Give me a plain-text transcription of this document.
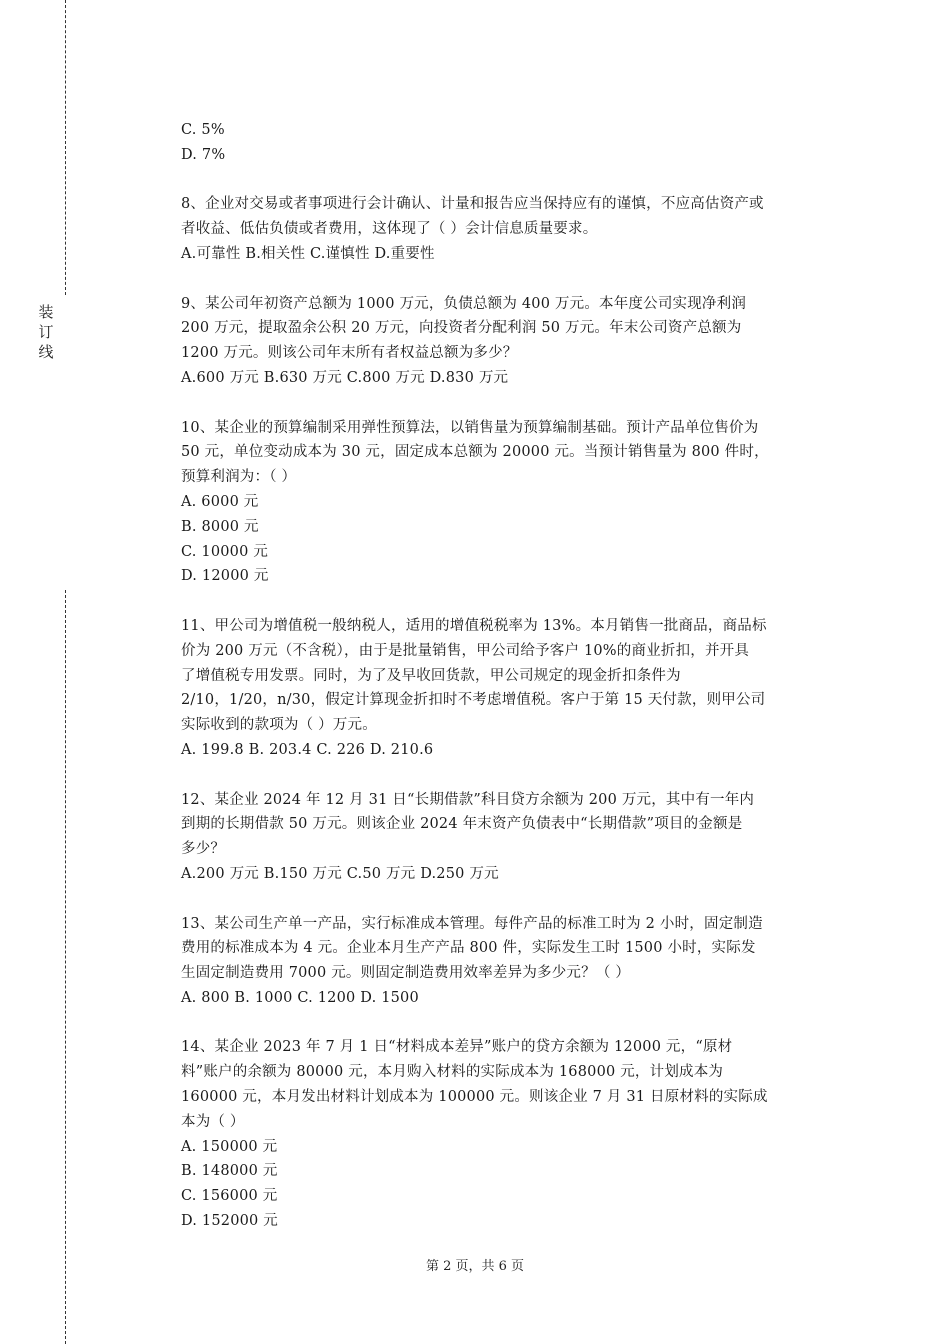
装
订
线
C. 5%
D. 7%
8、企业对交易或者事项进行会计确认、计量和报告应当保持应有的谨慎，不应高估资产或
者收益、低估负债或者费用，这体现了（ ）会计信息质量要求。
A.可靠性 B.相关性 C.谨慎性 D.重要性
9、某公司年初资产总额为 1000 万元，负债总额为 400 万元。本年度公司实现净利润
200 万元，提取盈余公积 20 万元，向投资者分配利润 50 万元。年末公司资产总额为
1200 万元。则该公司年末所有者权益总额为多少？
A.600 万元 B.630 万元 C.800 万元 D.830 万元
10、某企业的预算编制采用弹性预算法，以销售量为预算编制基础。预计产品单位售价为
50 元，单位变动成本为 30 元，固定成本总额为 20000 元。当预计销售量为 800 件时，
预算利润为：（ ）
A. 6000 元
B. 8000 元
C. 10000 元
D. 12000 元
11、甲公司为增值税一般纳税人，适用的增值税税率为 13%。本月销售一批商品，商品标
价为 200 万元（不含税），由于是批量销售，甲公司给予客户 10%的商业折扣，并开具
了增值税专用发票。同时，为了及早收回货款，甲公司规定的现金折扣条件为
2/10，1/20，n/30，假定计算现金折扣时不考虑增值税。客户于第 15 天付款，则甲公司
实际收到的款项为（ ）万元。
A. 199.8 B. 203.4 C. 226 D. 210.6
12、某企业 2024 年 12 月 31 日“长期借款”科目贷方余额为 200 万元，其中有一年内
到期的长期借款 50 万元。则该企业 2024 年末资产负债表中“长期借款”项目的金额是
多少？
A.200 万元 B.150 万元 C.50 万元 D.250 万元
13、某公司生产单一产品，实行标准成本管理。每件产品的标准工时为 2 小时，固定制造
费用的标准成本为 4 元。企业本月生产产品 800 件，实际发生工时 1500 小时，实际发
生固定制造费用 7000 元。则固定制造费用效率差异为多少元？（ ）
A. 800 B. 1000 C. 1200 D. 1500
14、某企业 2023 年 7 月 1 日“材料成本差异”账户的贷方余额为 12000 元，“原材
料”账户的余额为 80000 元，本月购入材料的实际成本为 168000 元，计划成本为
160000 元，本月发出材料计划成本为 100000 元。则该企业 7 月 31 日原材料的实际成
本为（ ）
A. 150000 元
B. 148000 元
C. 156000 元
D. 152000 元
第 2 页，共 6 页
